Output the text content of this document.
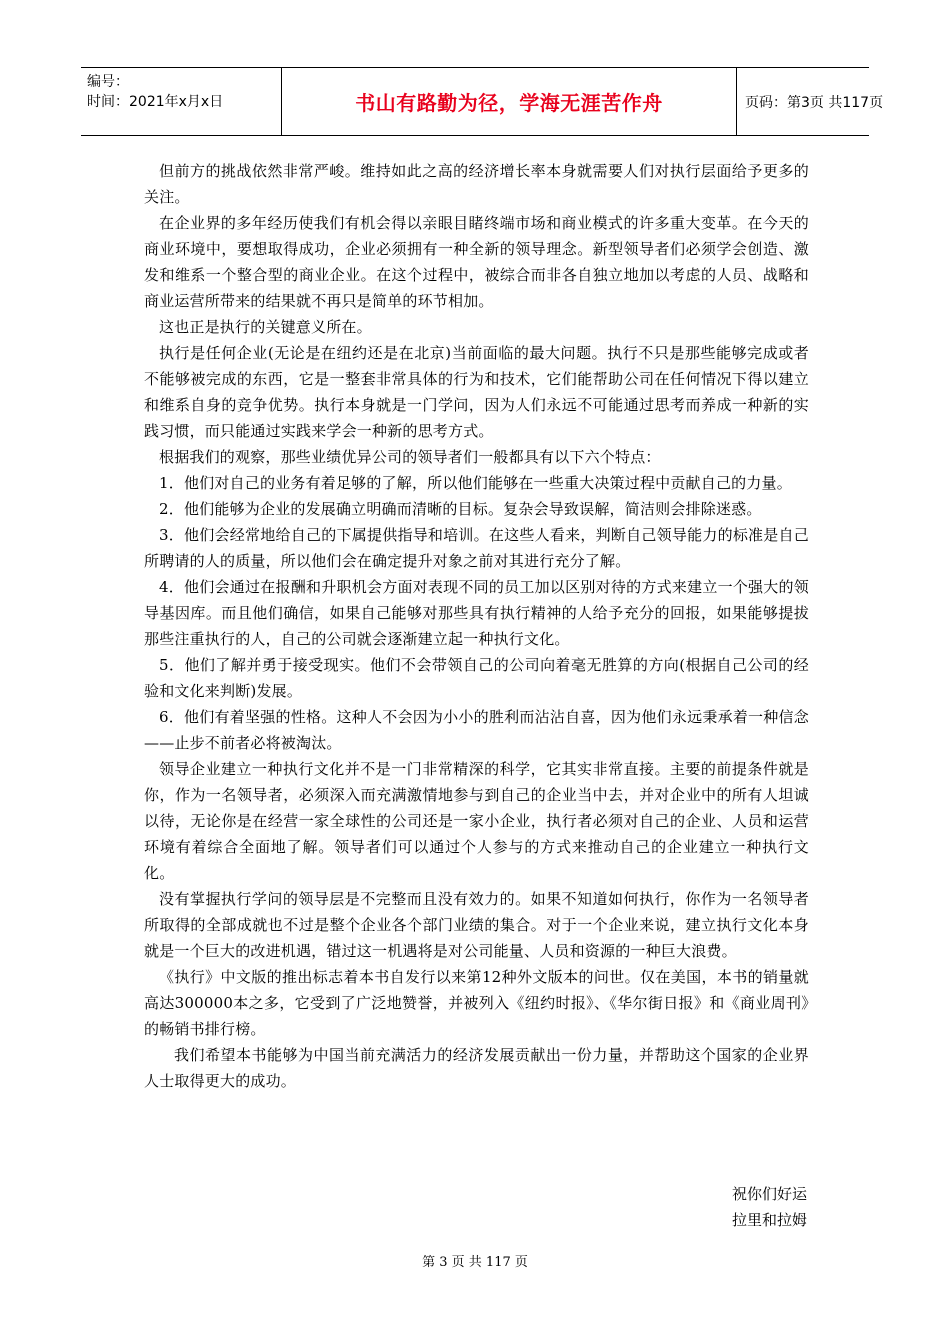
编号：
时间：2021年x月x日	书山有路勤为径，学海无涯苦作舟	页码：第3页 共117页

但前方的挑战依然非常严峻。维持如此之高的经济增长率本身就需要人们对执行层面给予更多的关注。

在企业界的多年经历使我们有机会得以亲眼目睹终端市场和商业模式的许多重大变革。在今天的商业环境中，要想取得成功，企业必须拥有一种全新的领导理念。新型领导者们必须学会创造、激发和维系一个整合型的商业企业。在这个过程中，被综合而非各自独立地加以考虑的人员、战略和商业运营所带来的结果就不再只是简单的环节相加。

这也正是执行的关键意义所在。

执行是任何企业(无论是在纽约还是在北京)当前面临的最大问题。执行不只是那些能够完成或者不能够被完成的东西，它是一整套非常具体的行为和技术，它们能帮助公司在任何情况下得以建立和维系自身的竞争优势。执行本身就是一门学问，因为人们永远不可能通过思考而养成一种新的实践习惯，而只能通过实践来学会一种新的思考方式。

根据我们的观察，那些业绩优异公司的领导者们一般都具有以下六个特点：

1．他们对自己的业务有着足够的了解，所以他们能够在一些重大决策过程中贡献自己的力量。

2．他们能够为企业的发展确立明确而清晰的目标。复杂会导致误解，简洁则会排除迷惑。

3．他们会经常地给自己的下属提供指导和培训。在这些人看来，判断自己领导能力的标准是自己所聘请的人的质量，所以他们会在确定提升对象之前对其进行充分了解。

4．他们会通过在报酬和升职机会方面对表现不同的员工加以区别对待的方式来建立一个强大的领导基因库。而且他们确信，如果自己能够对那些具有执行精神的人给予充分的回报，如果能够提拔那些注重执行的人，自己的公司就会逐渐建立起一种执行文化。

5．他们了解并勇于接受现实。他们不会带领自己的公司向着毫无胜算的方向(根据自己公司的经验和文化来判断)发展。

6．他们有着坚强的性格。这种人不会因为小小的胜利而沾沾自喜，因为他们永远秉承着一种信念——止步不前者必将被淘汰。

领导企业建立一种执行文化并不是一门非常精深的科学，它其实非常直接。主要的前提条件就是你，作为一名领导者，必须深入而充满激情地参与到自己的企业当中去，并对企业中的所有人坦诚以待，无论你是在经营一家全球性的公司还是一家小企业，执行者必须对自己的企业、人员和运营环境有着综合全面地了解。领导者们可以通过个人参与的方式来推动自己的企业建立一种执行文化。

没有掌握执行学问的领导层是不完整而且没有效力的。如果不知道如何执行，你作为一名领导者所取得的全部成就也不过是整个企业各个部门业绩的集合。对于一个企业来说，建立执行文化本身就是一个巨大的改进机遇，错过这一机遇将是对公司能量、人员和资源的一种巨大浪费。

《执行》中文版的推出标志着本书自发行以来第12种外文版本的问世。仅在美国，本书的销量就高达300000本之多，它受到了广泛地赞誉，并被列入《纽约时报》、《华尔街日报》和《商业周刊》的畅销书排行榜。

我们希望本书能够为中国当前充满活力的经济发展贡献出一份力量，并帮助这个国家的企业界人士取得更大的成功。

祝你们好运
拉里和拉姆
第 3 页 共 117 页
